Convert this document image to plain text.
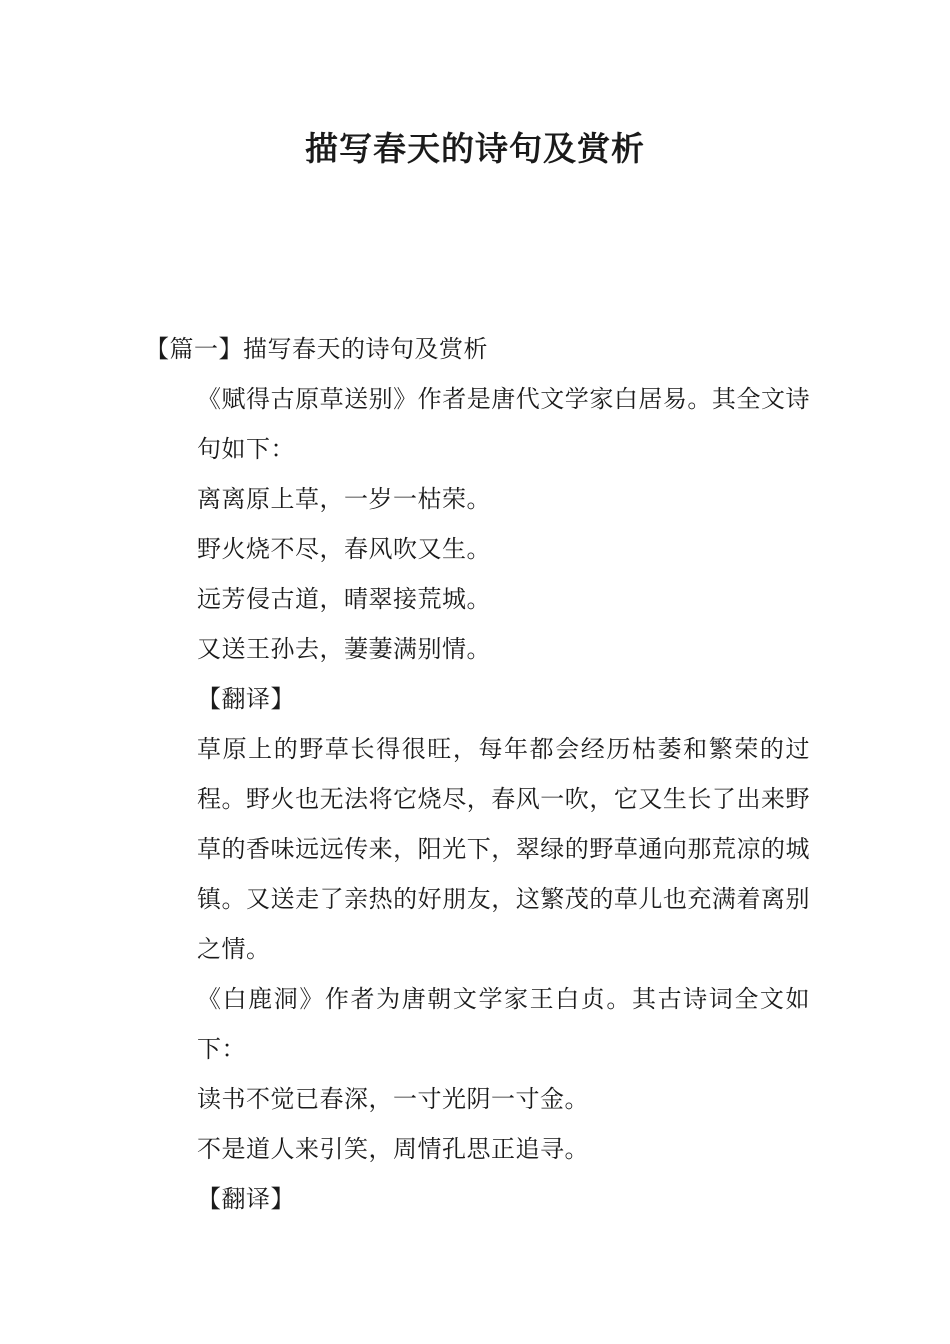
描写春天的诗句及赏析

【篇一】描写春天的诗句及赏析

《赋得古原草送别》作者是唐代文学家白居易。其全文诗句如下：

离离原上草，一岁一枯荣。

野火烧不尽，春风吹又生。

远芳侵古道，晴翠接荒城。

又送王孙去，萋萋满别情。

【翻译】

草原上的野草长得很旺，每年都会经历枯萎和繁荣的过程。野火也无法将它烧尽，春风一吹，它又生长了出来野草的香味远远传来，阳光下，翠绿的野草通向那荒凉的城镇。又送走了亲热的好朋友，这繁茂的草儿也充满着离别之情。

《白鹿洞》作者为唐朝文学家王白贞。其古诗词全文如下：

读书不觉已春深，一寸光阴一寸金。

不是道人来引笑，周情孔思正追寻。

【翻译】
